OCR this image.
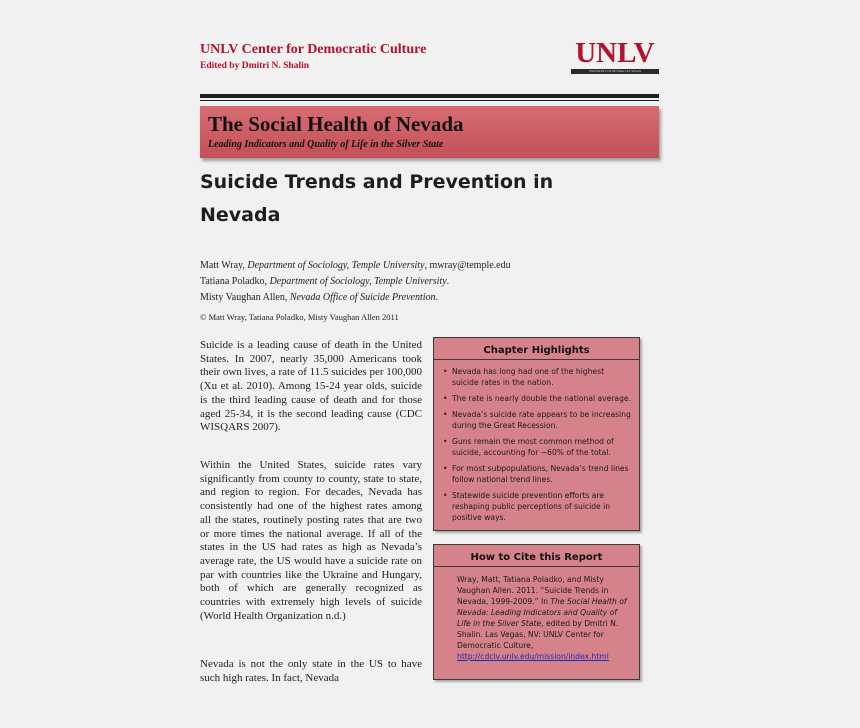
UNLV Center for Democratic Culture
Edited by Dmitri N. Shalin	UNLV
UNIVERSITY OF NEVADA LAS VEGAS
The Social Health of Nevada
Leading Indicators and Quality of Life in the Silver State
Suicide Trends and Prevention in Nevada
Matt Wray, Department of Sociology, Temple University, mwray@temple.edu
Tatiana Poladko, Department of Sociology, Temple University.
Misty Vaughan Allen, Nevada Office of Suicide Prevention.
© Matt Wray, Tatiana Poladko, Misty Vaughan Allen 2011
Suicide is a leading cause of death in the United States. In 2007, nearly 35,000 Americans took their own lives, a rate of 11.5 suicides per 100,000 (Xu et al. 2010). Among 15-24 year olds, suicide is the third leading cause of death and for those aged 25-34, it is the second leading cause (CDC WISQARS 2007).
Within the United States, suicide rates vary significantly from county to county, state to state, and region to region. For decades, Nevada has consistently had one of the highest rates among all the states, routinely posting rates that are two or more times the national average. If all of the states in the US had rates as high as Nevada’s average rate, the US would have a suicide rate on par with countries like the Ukraine and Hungary, both of which are generally recognized as countries with extremely high levels of suicide (World Health Organization n.d.)
Nevada is not the only state in the US to have such high rates. In fact, Nevada
Chapter Highlights
• Nevada has long had one of the highest suicide rates in the nation.
• The rate is nearly double the national average.
• Nevada’s suicide rate appears to be increasing during the Great Recession.
• Guns remain the most common method of suicide, accounting for ~60% of the total.
• For most subpopulations, Nevada’s trend lines follow national trend lines.
• Statewide suicide prevention efforts are reshaping public perceptions of suicide in positive ways.
How to Cite this Report
Wray, Matt, Tatiana Poladko, and Misty Vaughan Allen. 2011. “Suicide Trends in Nevada, 1999-2009.” In The Social Health of Nevada: Leading Indicators and Quality of Life in the Silver State, edited by Dmitri N. Shalin. Las Vegas, NV: UNLV Center for Democratic Culture, http://cdclv.unlv.edu/mission/index.html
